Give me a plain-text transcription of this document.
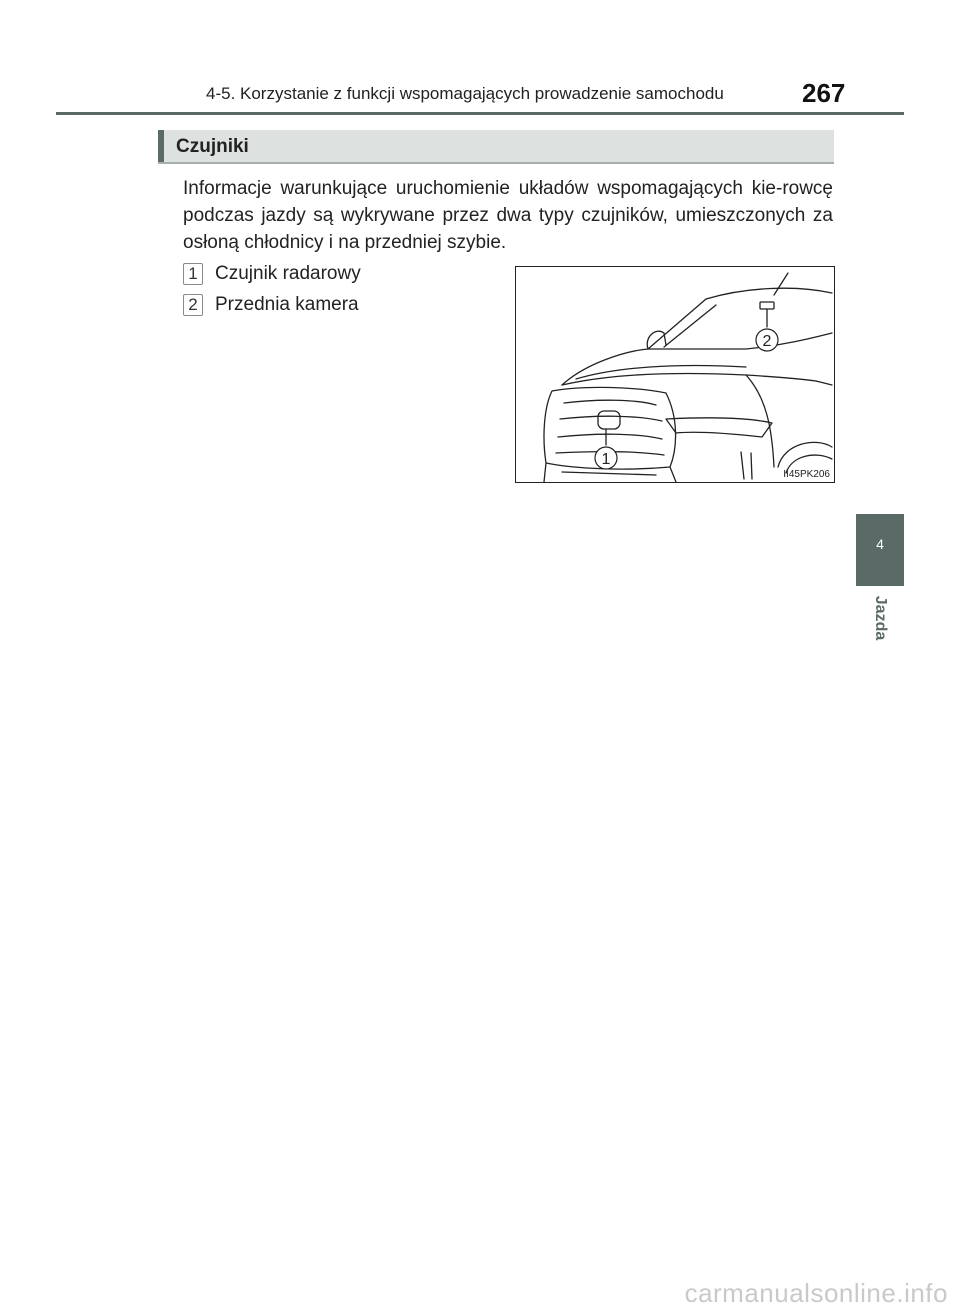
4-5. Korzystanie z funkcji wspomagających prowadzenie samochodu	267
Czujniki
Informacje warunkujące uruchomienie układów wspomagających kie-rowcę podczas jazdy są wykrywane przez dwa typy czujników, umieszczonych za osłoną chłodnicy i na przedniej szybie.
1 Czujnik radarowy
2 Przednia kamera
2
1
II45PK206
4
Jazda
carmanualsonline.info
